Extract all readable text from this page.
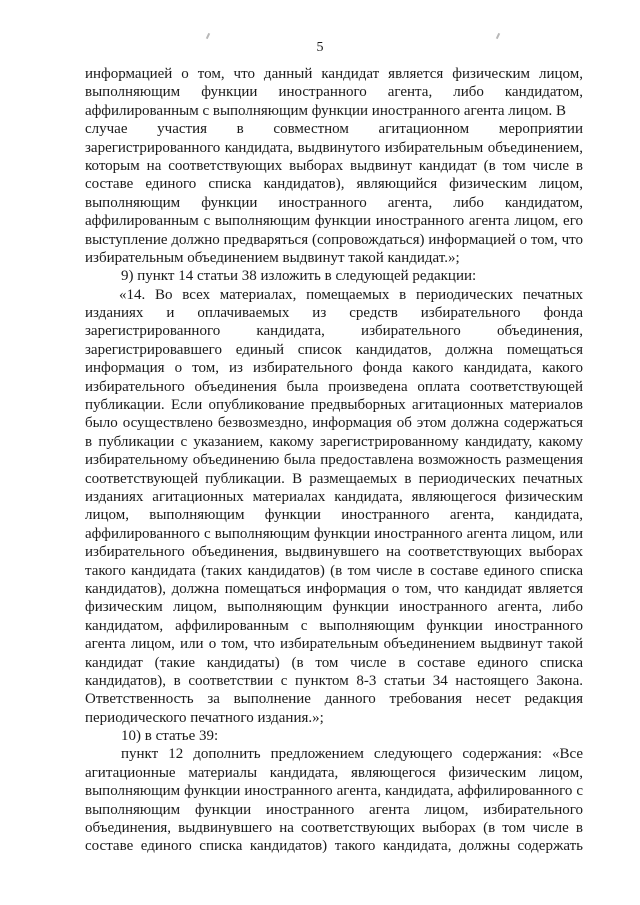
5
информацией о том, что данный кандидат является физическим лицом,
выполняющим функции иностранного агента, либо кандидатом,
аффилированным с выполняющим функции иностранного агента лицом. В
случае участия в совместном агитационном мероприятии
зарегистрированного кандидата, выдвинутого избирательным объединением,
которым на соответствующих выборах выдвинут кандидат (в том числе в
составе единого списка кандидатов), являющийся физическим лицом,
выполняющим функции иностранного агента, либо кандидатом,
аффилированным с выполняющим функции иностранного агента лицом, его
выступление должно предваряться (сопровождаться) информацией о том, что
избирательным объединением выдвинут такой кандидат.»;
9) пункт 14 статьи 38 изложить в следующей редакции:
«14. Во всех материалах, помещаемых в периодических печатных
изданиях и оплачиваемых из средств избирательного фонда
зарегистрированного кандидата, избирательного объединения,
зарегистрировавшего единый список кандидатов, должна помещаться
информация о том, из избирательного фонда какого кандидата, какого
избирательного объединения была произведена оплата соответствующей
публикации. Если опубликование предвыборных агитационных материалов
было осуществлено безвозмездно, информация об этом должна содержаться
в публикации с указанием, какому зарегистрированному кандидату, какому
избирательному объединению была предоставлена возможность размещения
соответствующей публикации. В размещаемых в периодических печатных
изданиях агитационных материалах кандидата, являющегося физическим
лицом, выполняющим функции иностранного агента, кандидата,
аффилированного с выполняющим функции иностранного агента лицом, или
избирательного объединения, выдвинувшего на соответствующих выборах
такого кандидата (таких кандидатов) (в том числе в составе единого списка
кандидатов), должна помещаться информация о том, что кандидат является
физическим лицом, выполняющим функции иностранного агента, либо
кандидатом, аффилированным с выполняющим функции иностранного
агента лицом, или о том, что избирательным объединением выдвинут такой
кандидат (такие кандидаты) (в том числе в составе единого списка
кандидатов), в соответствии с пунктом 8-3 статьи 34 настоящего Закона.
Ответственность за выполнение данного требования несет редакция
периодического печатного издания.»;
10) в статье 39:
пункт 12 дополнить предложением следующего содержания: «Все
агитационные материалы кандидата, являющегося физическим лицом,
выполняющим функции иностранного агента, кандидата, аффилированного с
выполняющим функции иностранного агента лицом, избирательного
объединения, выдвинувшего на соответствующих выборах (в том числе в
составе единого списка кандидатов) такого кандидата, должны содержать
